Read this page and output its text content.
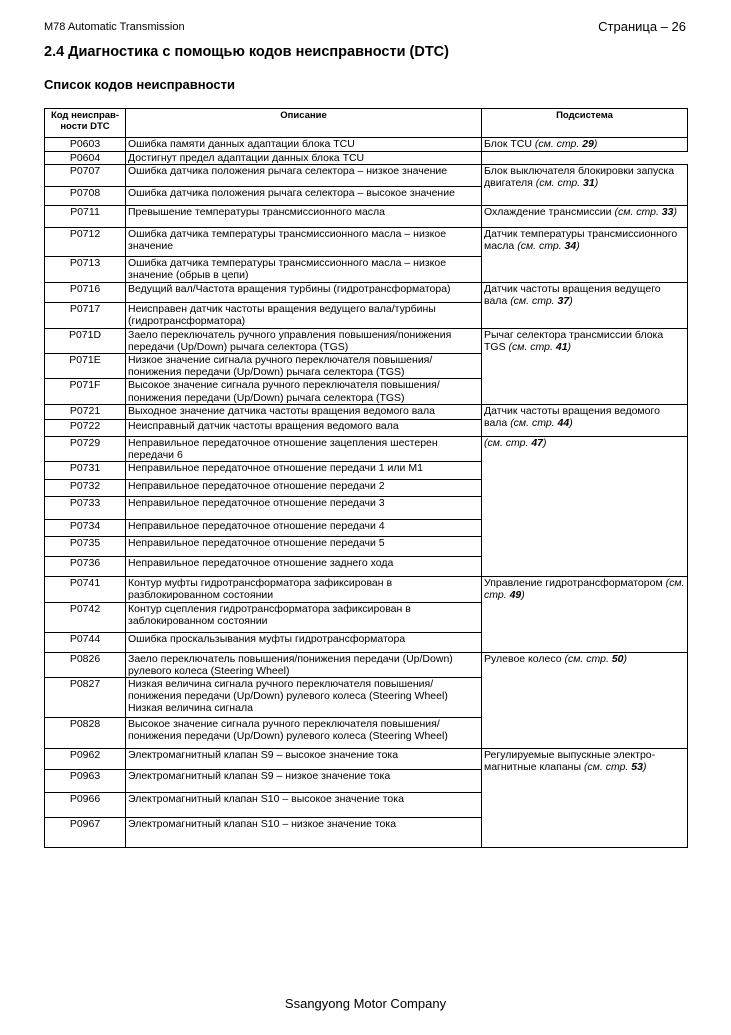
M78 Automatic Transmission	Страница – 26
2.4 Диагностика с помощью кодов неисправности (DTC)
Список кодов неисправности
Код неисправ-ности DTC	Описание	Подсистема
P0603	Ошибка памяти данных адаптации блока TCU	Блок TCU (см. стр. 29)
P0604	Достигнут предел адаптации данных блока TCU	
P0707	Ошибка датчика положения рычага селектора – низкое значение	Блок выключателя блокировки запуска двигателя (см. стр. 31)
P0708	Ошибка датчика положения рычага селектора – высокое значение	
P0711	Превышение температуры трансмиссионного масла	Охлаждение трансмиссии (см. стр. 33)
P0712	Ошибка датчика температуры трансмиссионного масла – низкое значение	Датчик температуры трансмиссионного масла (см. стр. 34)
P0713	Ошибка датчика температуры трансмиссионного масла – низкое значение (обрыв в цепи)	
P0716	Ведущий вал/Частота вращения турбины (гидротрансформатора)	Датчик частоты вращения ведущего вала (см. стр. 37)
P0717	Неисправен датчик частоты вращения ведущего вала/турбины (гидротрансформатора)	
P071D	Заело переключатель ручного управления повышения/понижения передачи (Up/Down) рычага селектора (TGS)	Рычаг селектора трансмиссии блока TGS (см. стр. 41)
P071E	Низкое значение сигнала ручного переключателя повышения/ понижения передачи (Up/Down) рычага селектора (TGS)	
P071F	Высокое значение сигнала ручного переключателя повышения/ понижения передачи (Up/Down) рычага селектора (TGS)	
P0721	Выходное значение датчика частоты вращения ведомого вала	Датчик частоты вращения ведомого вала (см. стр. 44)
P0722	Неисправный датчик частоты вращения ведомого вала	
P0729	Неправильное передаточное отношение зацепления шестерен передачи 6	(см. стр. 47)
P0731	Неправильное передаточное отношение передачи 1 или M1	
P0732	Неправильное передаточное отношение передачи 2	
P0733	Неправильное передаточное отношение передачи 3	
P0734	Неправильное передаточное отношение передачи 4	
P0735	Неправильное передаточное отношение передачи 5	
P0736	Неправильное передаточное отношение заднего хода	
P0741	Контур муфты гидротрансформатора зафиксирован в разблокированном состоянии	Управление гидротрансформатором (см. стр. 49)
P0742	Контур сцепления гидротрансформатора зафиксирован в заблокированном состоянии	
P0744	Ошибка проскальзывания муфты гидротрансформатора	
P0826	Заело переключатель повышения/понижения передачи (Up/Down) рулевого колеса (Steering Wheel)	Рулевое колесо (см. стр. 50)
P0827	Низкая величина сигнала ручного переключателя повышения/ понижения передачи (Up/Down) рулевого колеса (Steering Wheel) Низкая величина сигнала	
P0828	Высокое значение сигнала ручного переключателя повышения/ понижения передачи (Up/Down) рулевого колеса (Steering Wheel)	
P0962	Электромагнитный клапан S9 – высокое значение тока	Регулируемые выпускные электро-магнитные клапаны (см. стр. 53)
P0963	Электромагнитный клапан S9 – низкое значение тока	
P0966	Электромагнитный клапан S10 – высокое значение тока	
P0967	Электромагнитный клапан S10 – низкое значение тока	
Ssangyong Motor Company
